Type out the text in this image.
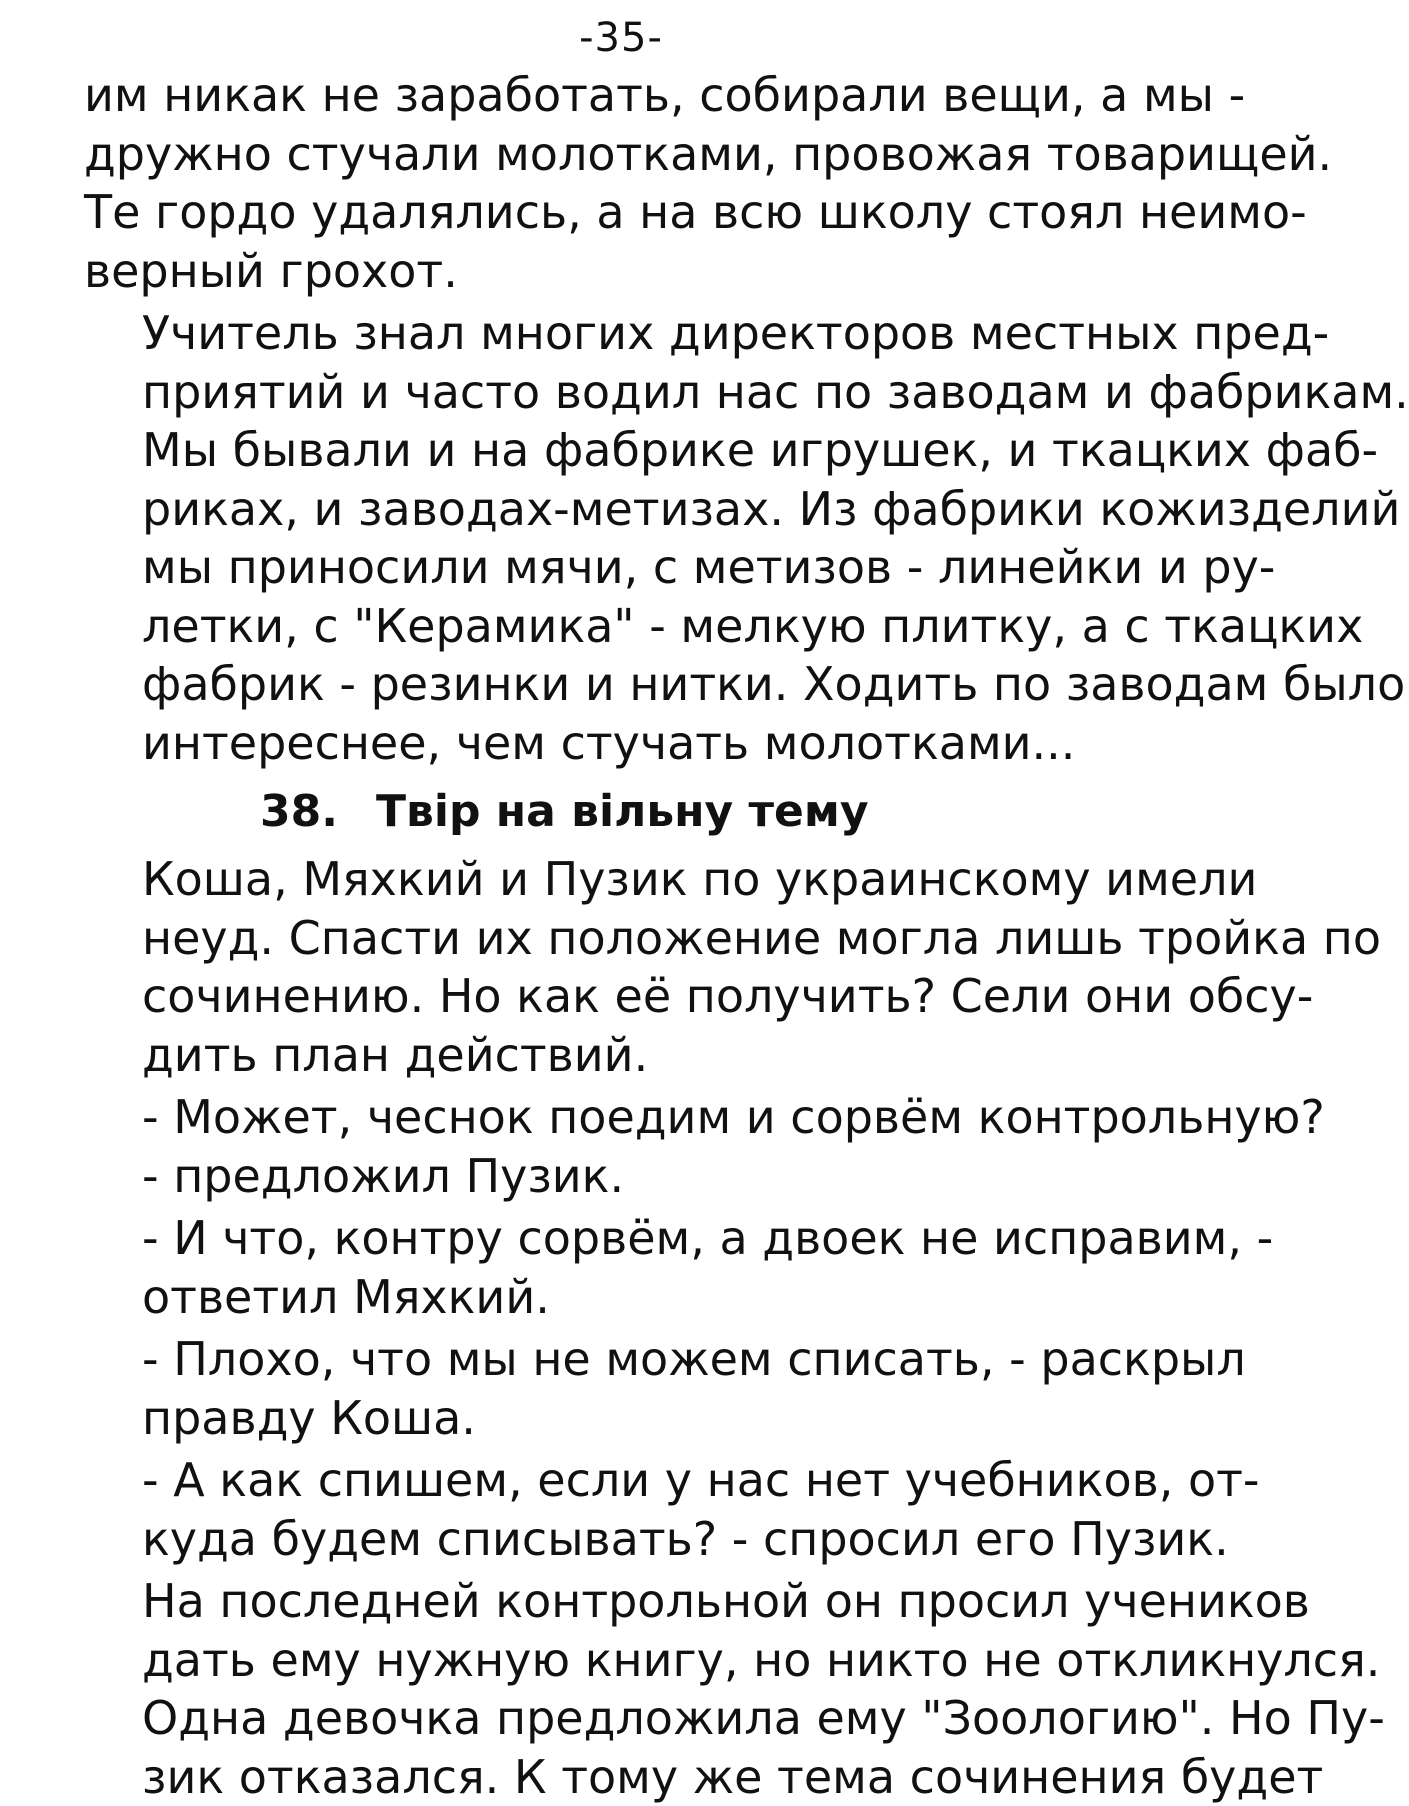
-35-

им никак не заработать, собирали вещи, а мы -
дружно стучали молотками, провожая товарищей.
Те гордо удалялись, а на всю школу стоял неимо-
верный грохот.

Учитель знал многих директоров местных пред-
приятий и часто водил нас по заводам и фабрикам.
Мы бывали и на фабрике игрушек, и ткацких фаб-
риках, и заводах-метизах. Из фабрики кожизделий
мы приносили мячи, с метизов - линейки и ру-
летки, с "Керамика" - мелкую плитку, а с ткацких
фабрик - резинки и нитки. Ходить по заводам было
интереснее, чем стучать молотками...

38. Твір на вільну тему

Коша, Мяхкий и Пузик по украинскому имели
неуд. Спасти их положение могла лишь тройка по
сочинению. Но как её получить? Сели они обсу-
дить план действий.

- Может, чеснок поедим и сорвём контрольную?
- предложил Пузик.

- И что, контру сорвём, а двоек не исправим, -
ответил Мяхкий.

- Плохо, что мы не можем списать, - раскрыл
правду Коша.

- А как спишем, если у нас нет учебников, от-
куда будем списывать? - спросил его Пузик.

На последней контрольной он просил учеников
дать ему нужную книгу, но никто не откликнулся.
Одна девочка предложила ему "Зоологию". Но Пу-
зик отказался. К тому же тема сочинения будет
